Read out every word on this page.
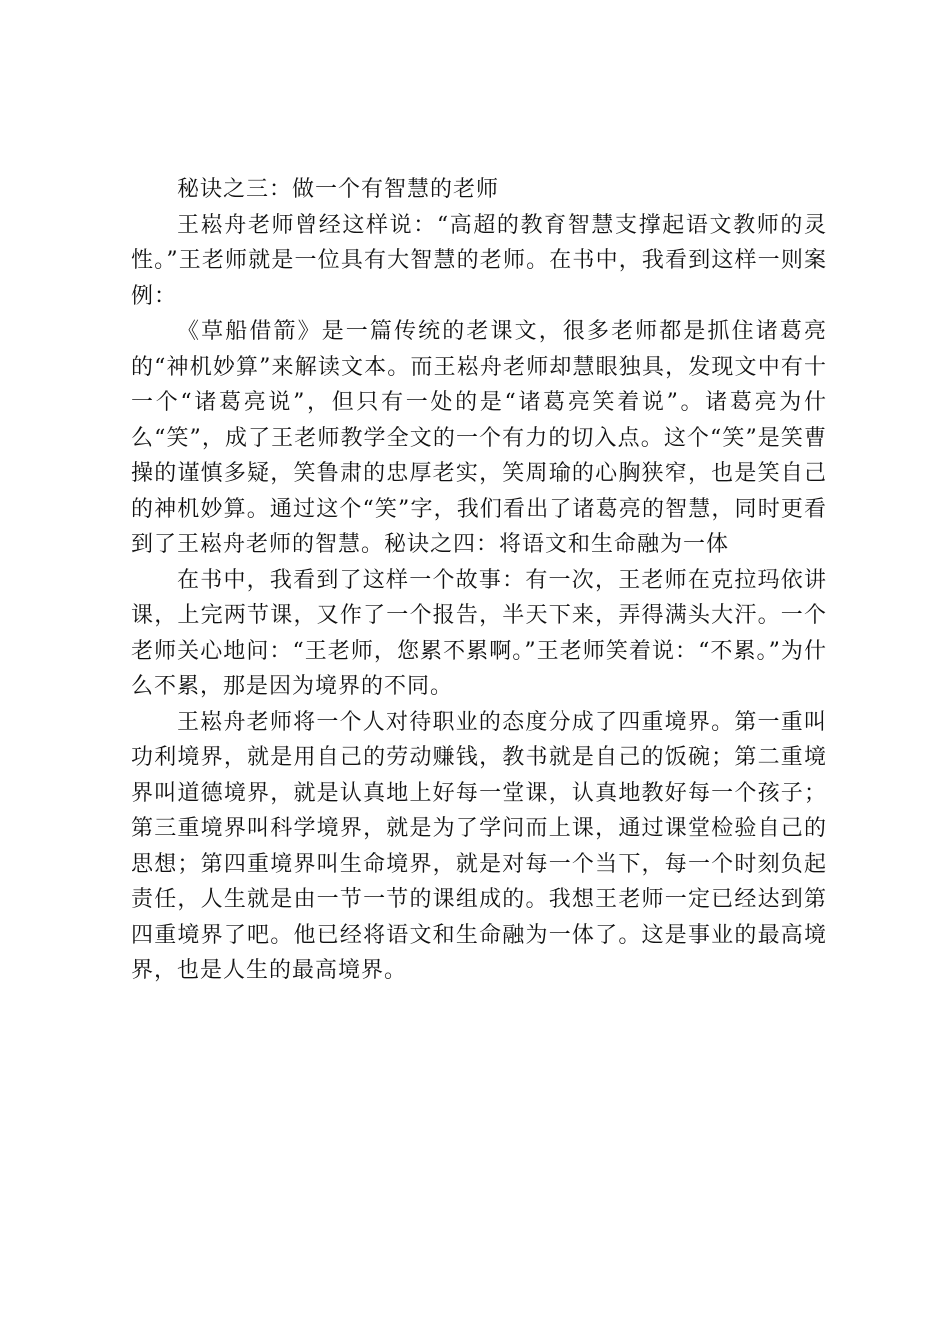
秘诀之三：做一个有智慧的老师

王崧舟老师曾经这样说：“高超的教育智慧支撑起语文教师的灵性。”王老师就是一位具有大智慧的老师。在书中，我看到这样一则案例：

《草船借箭》是一篇传统的老课文，很多老师都是抓住诸葛亮的“神机妙算”来解读文本。而王崧舟老师却慧眼独具，发现文中有十一个“诸葛亮说”，但只有一处的是“诸葛亮笑着说”。诸葛亮为什么“笑”，成了王老师教学全文的一个有力的切入点。这个“笑”是笑曹操的谨慎多疑，笑鲁肃的忠厚老实，笑周瑜的心胸狭窄，也是笑自己的神机妙算。通过这个“笑”字，我们看出了诸葛亮的智慧，同时更看到了王崧舟老师的智慧。秘诀之四：将语文和生命融为一体

在书中，我看到了这样一个故事：有一次，王老师在克拉玛依讲课，上完两节课，又作了一个报告，半天下来，弄得满头大汗。一个老师关心地问：“王老师，您累不累啊。”王老师笑着说：“不累。”为什么不累，那是因为境界的不同。

王崧舟老师将一个人对待职业的态度分成了四重境界。第一重叫功利境界，就是用自己的劳动赚钱，教书就是自己的饭碗；第二重境界叫道德境界，就是认真地上好每一堂课，认真地教好每一个孩子；第三重境界叫科学境界，就是为了学问而上课，通过课堂检验自己的思想；第四重境界叫生命境界，就是对每一个当下，每一个时刻负起责任，人生就是由一节一节的课组成的。我想王老师一定已经达到第四重境界了吧。他已经将语文和生命融为一体了。这是事业的最高境界，也是人生的最高境界。
